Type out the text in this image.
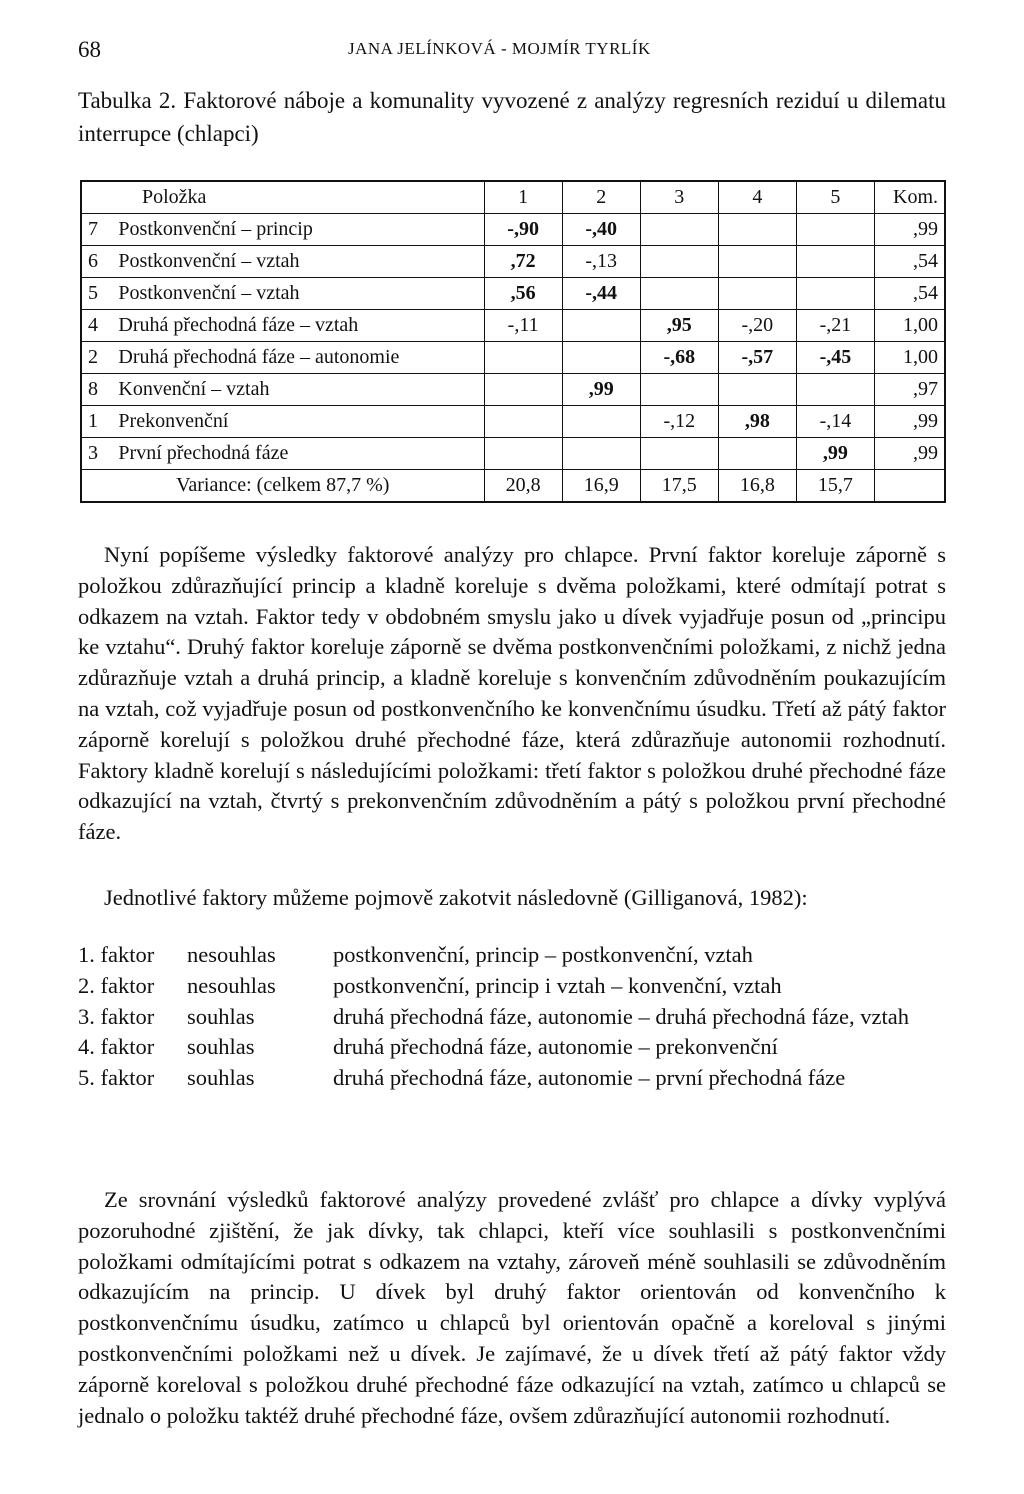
68	JANA JELÍNKOVÁ - MOJMÍR TYRLÍK
Tabulka 2. Faktorové náboje a komunality vyvozené z analýzy regresních reziduí u dilematu interrupce (chlapci)
Položka		1	2	3	4	5	Kom.
7	Postkonvenční – princip	-,90	-,40				,99
6	Postkonvenční – vztah	,72	-,13				,54
5	Postkonvenční – vztah	,56	-,44				,54
4	Druhá přechodná fáze – vztah	-,11		,95	-,20	-,21	1,00
2	Druhá přechodná fáze – autonomie			-,68	-,57	-,45	1,00
8	Konvenční – vztah		,99				,97
1	Prekonvenční			-,12	,98	-,14	,99
3	První přechodná fáze					,99	,99
Variance: (celkem 87,7 %)		20,8	16,9	17,5	16,8	15,7	

Nyní popíšeme výsledky faktorové analýzy pro chlapce. První faktor koreluje záporně s položkou zdůrazňující princip a kladně koreluje s dvěma položkami, které odmítají potrat s odkazem na vztah. Faktor tedy v obdobném smyslu jako u dívek vyjadřuje posun od „principu ke vztahu“. Druhý faktor koreluje záporně se dvěma postkonvenčními položkami, z nichž jedna zdůrazňuje vztah a druhá princip, a kladně koreluje s konvenčním zdůvodněním poukazujícím na vztah, což vyjadřuje posun od postkonvenčního ke konvenčnímu úsudku. Třetí až pátý faktor záporně korelují s položkou druhé přechodné fáze, která zdůrazňuje autonomii rozhodnutí. Faktory kladně korelují s následujícími položkami: třetí faktor s položkou druhé přechodné fáze odkazující na vztah, čtvrtý s prekonvenčním zdůvodněním a pátý s položkou první přechodné fáze.

Jednotlivé faktory můžeme pojmově zakotvit následovně (Gilliganová, 1982):

1. faktor	nesouhlas	postkonvenční, princip – postkonvenční, vztah
2. faktor	nesouhlas	postkonvenční, princip i vztah – konvenční, vztah
3. faktor	souhlas	druhá přechodná fáze, autonomie – druhá přechodná fáze, vztah
4. faktor	souhlas	druhá přechodná fáze, autonomie – prekonvenční
5. faktor	souhlas	druhá přechodná fáze, autonomie – první přechodná fáze

Ze srovnání výsledků faktorové analýzy provedené zvlášť pro chlapce a dívky vyplývá pozoruhodné zjištění, že jak dívky, tak chlapci, kteří více souhlasili s postkonvenčními položkami odmítajícími potrat s odkazem na vztahy, zároveň méně souhlasili se zdůvodněním odkazujícím na princip. U dívek byl druhý faktor orientován od konvenčního k postkonvenčnímu úsudku, zatímco u chlapců byl orientován opačně a koreloval s jinými postkonvenčními položkami než u dívek. Je zajímavé, že u dívek třetí až pátý faktor vždy záporně koreloval s položkou druhé přechodné fáze odkazující na vztah, zatímco u chlapců se jednalo o položku taktéž druhé přechodné fáze, ovšem zdůrazňující autonomii rozhodnutí.
